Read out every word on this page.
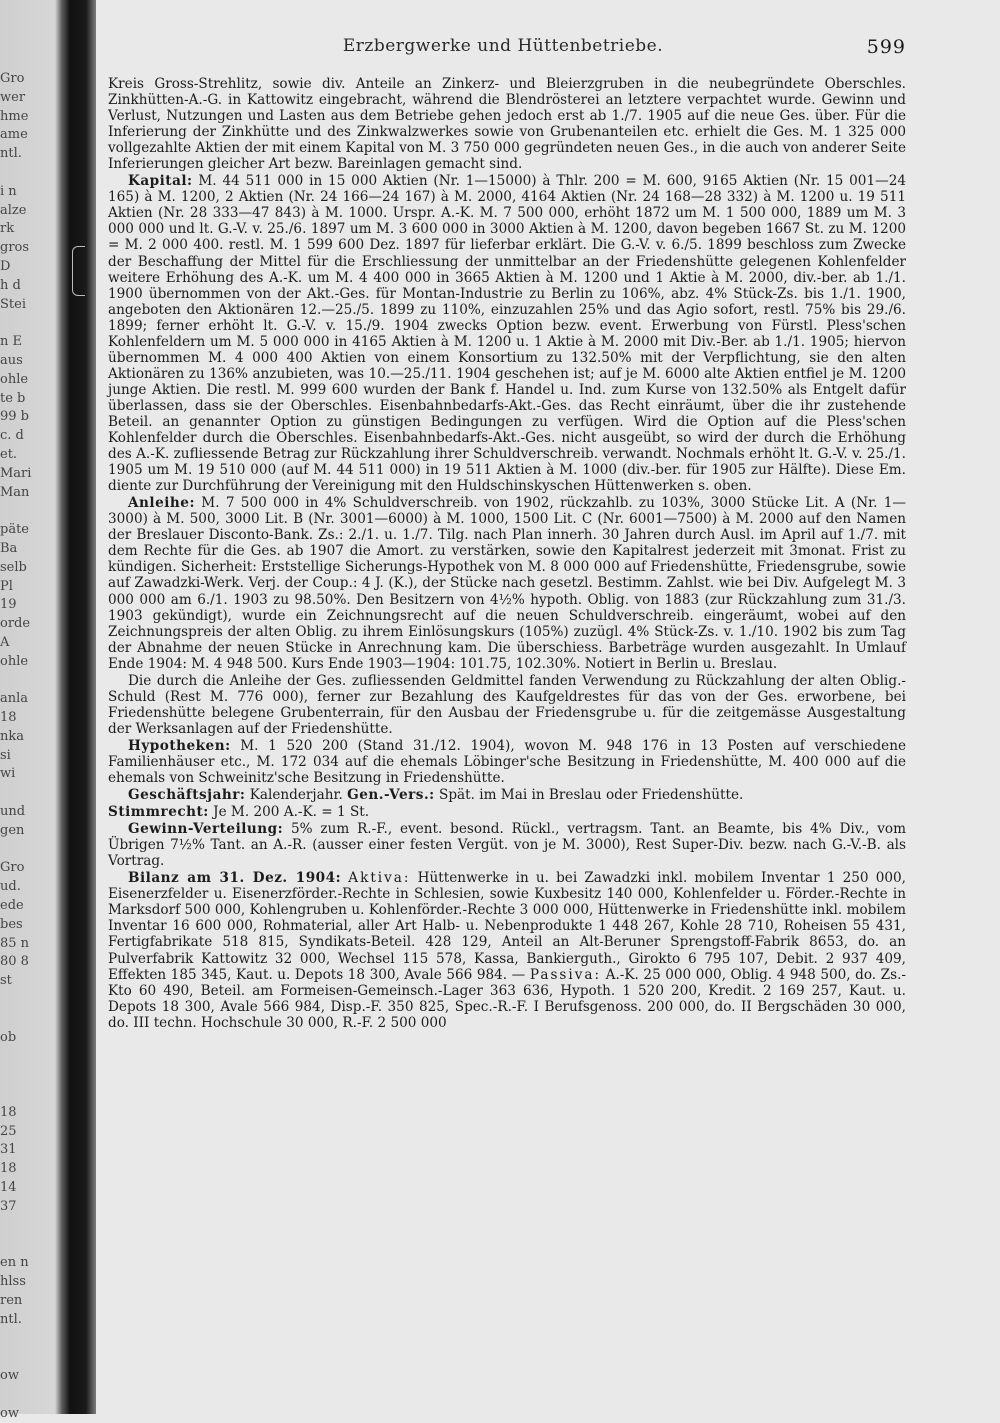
Gro
wer
hme
ame
ntl.
i n
alze
rk
gros
D
h d
Stei
n E
aus
ohle
te b
99 b
c. d
et.
Mari
Man
päte
Ba
selb
Pl
19
orde
A
ohle
anla
18
nka
si
wi
und
gen
Gro
ud.
ede
bes
85 n
80 8
st
ob
18
25
31
18
14
37
en n
hlss
ren
ntl.
ow
ow
Erzbergwerke und Hüttenbetriebe.	599

Kreis Gross-Strehlitz, sowie div. Anteile an Zinkerz- und Bleierzgruben in die neubegründete Oberschles. Zinkhütten-A.-G. in Kattowitz eingebracht, während die Blendrösterei an letztere verpachtet wurde. Gewinn und Verlust, Nutzungen und Lasten aus dem Betriebe gehen jedoch erst ab 1./7. 1905 auf die neue Ges. über. Für die Inferierung der Zinkhütte und des Zinkwalzwerkes sowie von Grubenanteilen etc. erhielt die Ges. M. 1 325 000 vollgezahlte Aktien der mit einem Kapital von M. 3 750 000 gegründeten neuen Ges., in die auch von anderer Seite Inferierungen gleicher Art bezw. Bareinlagen gemacht sind.

Kapital: M. 44 511 000 in 15 000 Aktien (Nr. 1—15000) à Thlr. 200 = M. 600, 9165 Aktien (Nr. 15 001—24 165) à M. 1200, 2 Aktien (Nr. 24 166—24 167) à M. 2000, 4164 Aktien (Nr. 24 168—28 332) à M. 1200 u. 19 511 Aktien (Nr. 28 333—47 843) à M. 1000. Urspr. A.-K. M. 7 500 000, erhöht 1872 um M. 1 500 000, 1889 um M. 3 000 000 und lt. G.-V. v. 25./6. 1897 um M. 3 600 000 in 3000 Aktien à M. 1200, davon begeben 1667 St. zu M. 1200 = M. 2 000 400. restl. M. 1 599 600 Dez. 1897 für lieferbar erklärt. Die G.-V. v. 6./5. 1899 beschloss zum Zwecke der Beschaffung der Mittel für die Erschliessung der unmittelbar an der Friedenshütte gelegenen Kohlenfelder weitere Erhöhung des A.-K. um M. 4 400 000 in 3665 Aktien à M. 1200 und 1 Aktie à M. 2000, div.-ber. ab 1./1. 1900 übernommen von der Akt.-Ges. für Montan-Industrie zu Berlin zu 106%, abz. 4% Stück-Zs. bis 1./1. 1900, angeboten den Aktionären 12.—25./5. 1899 zu 110%, einzuzahlen 25% und das Agio sofort, restl. 75% bis 29./6. 1899; ferner erhöht lt. G.-V. v. 15./9. 1904 zwecks Option bezw. event. Erwerbung von Fürstl. Pless'schen Kohlenfeldern um M. 5 000 000 in 4165 Aktien à M. 1200 u. 1 Aktie à M. 2000 mit Div.-Ber. ab 1./1. 1905; hiervon übernommen M. 4 000 400 Aktien von einem Konsortium zu 132.50% mit der Verpflichtung, sie den alten Aktionären zu 136% anzubieten, was 10.—25./11. 1904 geschehen ist; auf je M. 6000 alte Aktien entfiel je M. 1200 junge Aktien. Die restl. M. 999 600 wurden der Bank f. Handel u. Ind. zum Kurse von 132.50% als Entgelt dafür überlassen, dass sie der Oberschles. Eisenbahnbedarfs-Akt.-Ges. das Recht einräumt, über die ihr zustehende Beteil. an genannter Option zu günstigen Bedingungen zu verfügen. Wird die Option auf die Pless'schen Kohlenfelder durch die Oberschles. Eisenbahnbedarfs-Akt.-Ges. nicht ausgeübt, so wird der durch die Erhöhung des A.-K. zufliessende Betrag zur Rückzahlung ihrer Schuldverschreib. verwandt. Nochmals erhöht lt. G.-V. v. 25./1. 1905 um M. 19 510 000 (auf M. 44 511 000) in 19 511 Aktien à M. 1000 (div.-ber. für 1905 zur Hälfte). Diese Em. diente zur Durchführung der Vereinigung mit den Huldschinskyschen Hüttenwerken s. oben.

Anleihe: M. 7 500 000 in 4% Schuldverschreib. von 1902, rückzahlb. zu 103%, 3000 Stücke Lit. A (Nr. 1—3000) à M. 500, 3000 Lit. B (Nr. 3001—6000) à M. 1000, 1500 Lit. C (Nr. 6001—7500) à M. 2000 auf den Namen der Breslauer Disconto-Bank. Zs.: 2./1. u. 1./7. Tilg. nach Plan innerh. 30 Jahren durch Ausl. im April auf 1./7. mit dem Rechte für die Ges. ab 1907 die Amort. zu verstärken, sowie den Kapitalrest jederzeit mit 3monat. Frist zu kündigen. Sicherheit: Erststellige Sicherungs-Hypothek von M. 8 000 000 auf Friedenshütte, Friedensgrube, sowie auf Zawadzki-Werk. Verj. der Coup.: 4 J. (K.), der Stücke nach gesetzl. Bestimm. Zahlst. wie bei Div. Aufgelegt M. 3 000 000 am 6./1. 1903 zu 98.50%. Den Besitzern von 4½% hypoth. Oblig. von 1883 (zur Rückzahlung zum 31./3. 1903 gekündigt), wurde ein Zeichnungsrecht auf die neuen Schuldverschreib. eingeräumt, wobei auf den Zeichnungspreis der alten Oblig. zu ihrem Einlösungskurs (105%) zuzügl. 4% Stück-Zs. v. 1./10. 1902 bis zum Tag der Abnahme der neuen Stücke in Anrechnung kam. Die überschiess. Barbeträge wurden ausgezahlt. In Umlauf Ende 1904: M. 4 948 500. Kurs Ende 1903—1904: 101.75, 102.30%. Notiert in Berlin u. Breslau.

Die durch die Anleihe der Ges. zufliessenden Geldmittel fanden Verwendung zu Rückzahlung der alten Oblig.-Schuld (Rest M. 776 000), ferner zur Bezahlung des Kaufgeldrestes für das von der Ges. erworbene, bei Friedenshütte belegene Grubenterrain, für den Ausbau der Friedensgrube u. für die zeitgemässe Ausgestaltung der Werksanlagen auf der Friedenshütte.

Hypotheken: M. 1 520 200 (Stand 31./12. 1904), wovon M. 948 176 in 13 Posten auf verschiedene Familienhäuser etc., M. 172 034 auf die ehemals Löbinger'sche Besitzung in Friedenshütte, M. 400 000 auf die ehemals von Schweinitz'sche Besitzung in Friedenshütte.

Geschäftsjahr: Kalenderjahr. Gen.-Vers.: Spät. im Mai in Breslau oder Friedenshütte.

Stimmrecht: Je M. 200 A.-K. = 1 St.

Gewinn-Verteilung: 5% zum R.-F., event. besond. Rückl., vertragsm. Tant. an Beamte, bis 4% Div., vom Übrigen 7½% Tant. an A.-R. (ausser einer festen Vergüt. von je M. 3000), Rest Super-Div. bezw. nach G.-V.-B. als Vortrag.

Bilanz am 31. Dez. 1904: Aktiva: Hüttenwerke in u. bei Zawadzki inkl. mobilem Inventar 1 250 000, Eisenerzfelder u. Eisenerzförder.-Rechte in Schlesien, sowie Kuxbesitz 140 000, Kohlenfelder u. Förder.-Rechte in Marksdorf 500 000, Kohlengruben u. Kohlenförder.-Rechte 3 000 000, Hüttenwerke in Friedenshütte inkl. mobilem Inventar 16 600 000, Rohmaterial, aller Art Halb- u. Nebenprodukte 1 448 267, Kohle 28 710, Roheisen 55 431, Fertigfabrikate 518 815, Syndikats-Beteil. 428 129, Anteil an Alt-Beruner Sprengstoff-Fabrik 8653, do. an Pulverfabrik Kattowitz 32 000, Wechsel 115 578, Kassa, Bankierguth., Girokto 6 795 107, Debit. 2 937 409, Effekten 185 345, Kaut. u. Depots 18 300, Avale 566 984. — Passiva: A.-K. 25 000 000, Oblig. 4 948 500, do. Zs.-Kto 60 490, Beteil. am Formeisen-Gemeinsch.-Lager 363 636, Hypoth. 1 520 200, Kredit. 2 169 257, Kaut. u. Depots 18 300, Avale 566 984, Disp.-F. 350 825, Spec.-R.-F. I Berufsgenoss. 200 000, do. II Bergschäden 30 000, do. III techn. Hochschule 30 000, R.-F. 2 500 000
